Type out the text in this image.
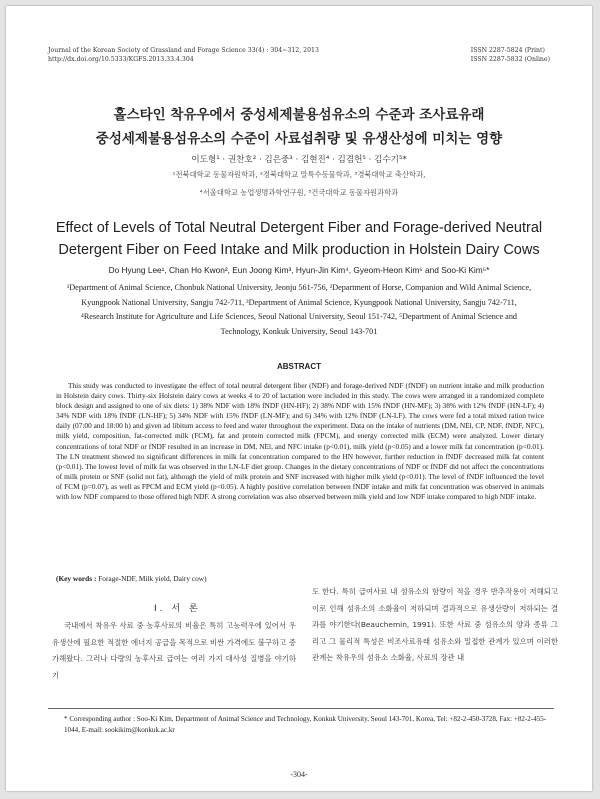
Journal of the Korean Society of Grassland and Forage Science 33(4) : 304~312, 2013
http://dx.doi.org/10.5333/KGFS.2013.33.4.304
ISSN 2287-5824 (Print)
ISSN 2287-5832 (Online)
홀스타인 착유우에서 중성세제불용섬유소의 수준과 조사료유래
중성세제불용섬유소의 수준이 사료섭취량 및 유생산성에 미치는 영향
이도형¹ · 권찬호² · 김은중³ · 김현진⁴ · 김겸헌⁵ · 김수기⁵*
¹전북대학교 동물자원학과, ²경북대학교 말특수동물학과, ³경북대학교 축산학과,
⁴서울대학교 농업생명과학연구원, ⁵건국대학교 동물자원과학과
Effect of Levels of Total Neutral Detergent Fiber and Forage-derived Neutral
Detergent Fiber on Feed Intake and Milk production in Holstein Dairy Cows
Do Hyung Lee¹, Chan Ho Kwon², Eun Joong Kim³, Hyun-Jin Kim⁴, Gyeom-Heon Kim⁵ and Soo-Ki Kim⁵*
¹Department of Animal Science, Chonbuk National University, Jeonju 561-756, ²Department of Horse, Companion and Wild Animal Science, Kyungpook National University, Sangju 742-711, ³Department of Animal Science, Kyungpook National University, Sangju 742-711, ⁴Research Institute for Agriculture and Life Sciences, Seoul National University, Seoul 151-742, ⁵Department of Animal Science and Technology, Konkuk University, Seoul 143-701
ABSTRACT
This study was conducted to investigate the effect of total neutral detergent fiber (NDF) and forage-derived NDF (fNDF) on nutrient intake and milk production in Holstein dairy cows. Thirty-six Holstein dairy cows at weeks 4 to 20 of lactation were included in this study. The cows were arranged in a randomized complete block design and assigned to one of six diets: 1) 38% NDF with 18% fNDF (HN-HF); 2) 38% NDF with 15% fNDF (HN-MF); 3) 38% with 12% fNDF (HN-LF); 4) 34% NDF with 18% fNDF (LN-HF); 5) 34% NDF with 15% fNDF (LN-MF); and 6) 34% with 12% fNDF (LN-LF). The cows were fed a total mixed ration twice daily (07:00 and 18:00 h) and given ad libitum access to feed and water throughout the experiment. Data on the intake of nutrients (DM, NEl, CP, NDF, fNDF, NFC), milk yield, composition, fat-corrected milk (FCM), fat and protein corrected milk (FPCM), and energy corrected milk (ECM) were analyzed. Lower dietary concentrations of total NDF or fNDF resulted in an increase in DM, NEl, and NFC intake (p<0.01), milk yield (p<0.05) and a lower milk fat concentration (p<0.01). The LN treatment showed no significant differences in milk fat concentration compared to the HN however, further reduction in fNDF decreased milk fat content (p<0.01). The lowest level of milk fat was observed in the LN-LF diet group. Changes in the dietary concentrations of NDF or fNDF did not affect the concentrations of milk protein or SNF (solid not fat), although the yield of milk protein and SNF increased with higher milk yield (p<0.01). The level of fNDF influenced the level of FCM (p=0.07), as well as FPCM and ECM yield (p<0.05). A highly positive correlation between fNDF intake and milk fat concentration was observed in animals with low NDF compared to those offered high NDF. A strong correlation was also observed between milk yield and low NDF intake compared to high NDF intake.
(Key words : Forage-NDF, Milk yield, Dairy cow)
Ⅰ. 서 론
국내에서 착유우 사료 중 농후사료의 비율은 특히 고능력우에 있어서 우유생산에 필요한 적절한 에너지 공급을 목적으로 비싼 가격에도 불구하고 증가해왔다. 그러나 다량의 농후사료 급여는 여러 가지 대사성 질병을 야기하기
도 한다. 특히 급여사료 내 섬유소의 함량이 적을 경우 반추작용이 저해되고 이로 인해 섬유소의 소화율이 저하되며 결과적으로 유생산량이 저하되는 결과를 야기한다(Beauchemin, 1991). 또한 사료 중 섬유소의 양과 종류 그리고 그 물리적 특성은 비조사료유래 섬유소와 밀접한 관계가 있으며 이러한 관계는 착유우의 섬유소 소화율, 사료의 장관 내
* Corresponding author : Soo-Ki Kim, Department of Animal Science and Technology, Konkuk University, Seoul 143-701, Korea, Tel: +82-2-450-3728, Fax: +82-2-455-1044, E-mail: sookikim@konkuk.ac.kr
-304-
